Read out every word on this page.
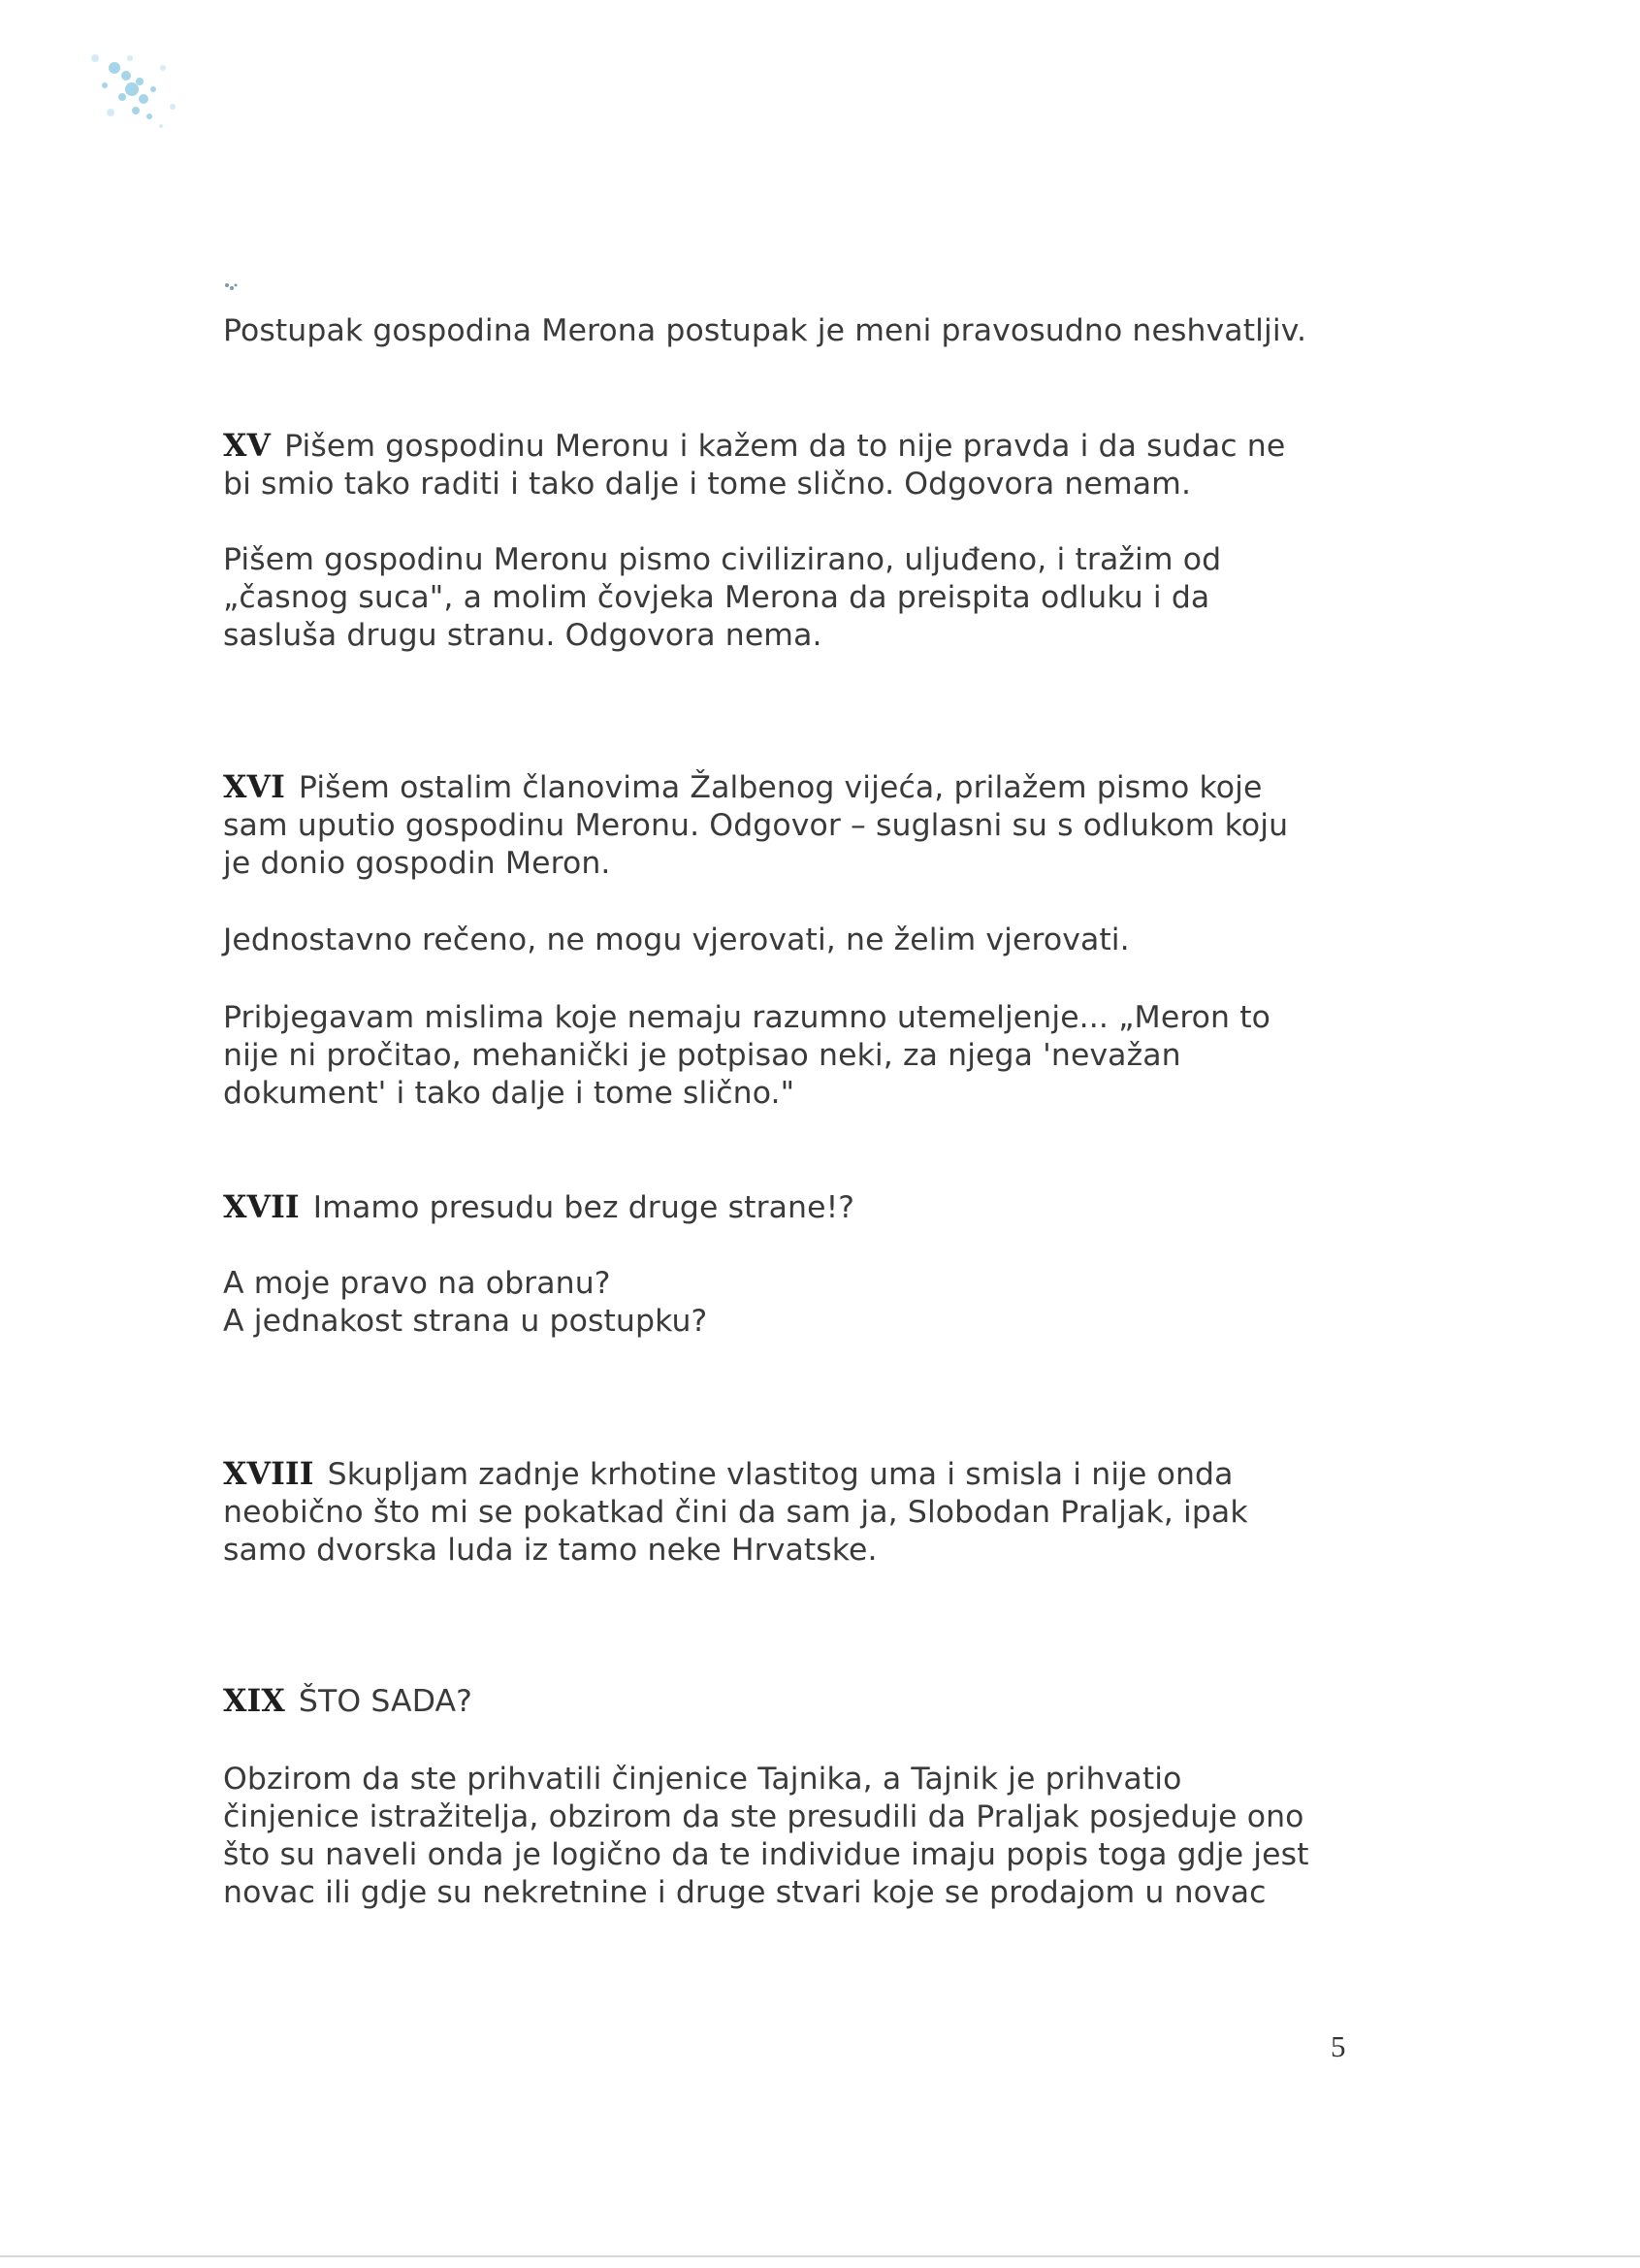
Postupak gospodina Merona postupak je meni pravosudno neshvatljiv.

XV Pišem gospodinu Meronu i kažem da to nije pravda i da sudac ne

bi smio tako raditi i tako dalje i tome slično. Odgovora nemam.

Pišem gospodinu Meronu pismo civilizirano, uljuđeno, i tražim od

„časnog suca", a molim čovjeka Merona da preispita odluku i da

sasluša drugu stranu. Odgovora nema.

XVI Pišem ostalim članovima Žalbenog vijeća, prilažem pismo koje

sam uputio gospodinu Meronu. Odgovor – suglasni su s odlukom koju

je donio gospodin Meron.

Jednostavno rečeno, ne mogu vjerovati, ne želim vjerovati.

Pribjegavam mislima koje nemaju razumno utemeljenje... „Meron to

nije ni pročitao, mehanički je potpisao neki, za njega 'nevažan

dokument' i tako dalje i tome slično."

XVII Imamo presudu bez druge strane!?

A moje pravo na obranu?

A jednakost strana u postupku?

XVIII Skupljam zadnje krhotine vlastitog uma i smisla i nije onda

neobično što mi se pokatkad čini da sam ja, Slobodan Praljak, ipak

samo dvorska luda iz tamo neke Hrvatske.

XIX ŠTO SADA?

Obzirom da ste prihvatili činjenice Tajnika, a Tajnik je prihvatio

činjenice istražitelja, obzirom da ste presudili da Praljak posjeduje ono

što su naveli onda je logično da te individue imaju popis toga gdje jest

novac ili gdje su nekretnine i druge stvari koje se prodajom u novac

5
